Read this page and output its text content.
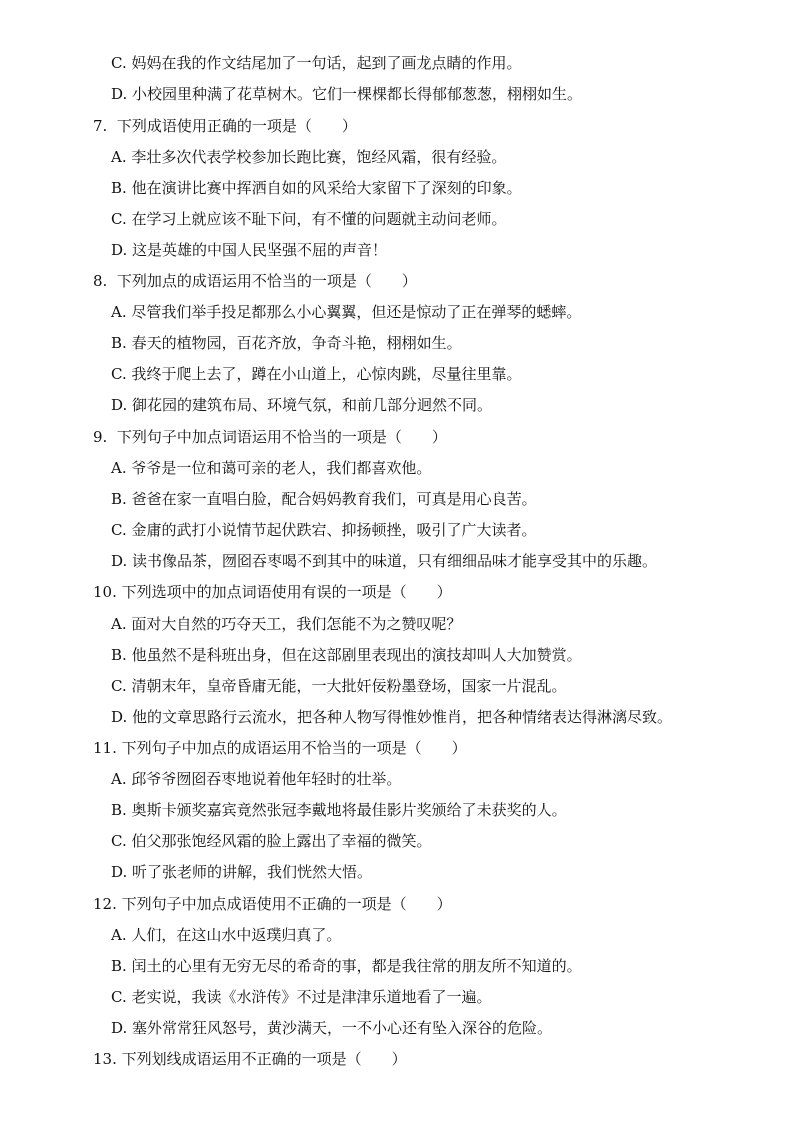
C. 妈妈在我的作文结尾加了一句话，起到了画龙点睛的作用。
D. 小校园里种满了花草树木。它们一棵棵都长得郁郁葱葱，栩栩如生。
7. 下列成语使用正确的一项是（　　）
A. 李壮多次代表学校参加长跑比赛，饱经风霜，很有经验。
B. 他在演讲比赛中挥洒自如的风采给大家留下了深刻的印象。
C. 在学习上就应该不耻下问，有不懂的问题就主动问老师。
D. 这是英雄的中国人民坚强不屈的声音！
8. 下列加点的成语运用不恰当的一项是（　　）
A. 尽管我们举手投足都那么小心翼翼，但还是惊动了正在弹琴的蟋蟀。
B. 春天的植物园，百花齐放，争奇斗艳，栩栩如生。
C. 我终于爬上去了，蹲在小山道上，心惊肉跳，尽量往里靠。
D. 御花园的建筑布局、环境气氛，和前几部分迥然不同。
9. 下列句子中加点词语运用不恰当的一项是（　　）
A. 爷爷是一位和蔼可亲的老人，我们都喜欢他。
B. 爸爸在家一直唱白脸，配合妈妈教育我们，可真是用心良苦。
C. 金庸的武打小说情节起伏跌宕、抑扬顿挫，吸引了广大读者。
D. 读书像品茶，囫囵吞枣喝不到其中的味道，只有细细品味才能享受其中的乐趣。
10. 下列选项中的加点词语使用有误的一项是（　　）
A. 面对大自然的巧夺天工，我们怎能不为之赞叹呢？
B. 他虽然不是科班出身，但在这部剧里表现出的演技却叫人大加赞赏。
C. 清朝末年，皇帝昏庸无能，一大批奸佞粉墨登场，国家一片混乱。
D. 他的文章思路行云流水，把各种人物写得惟妙惟肖，把各种情绪表达得淋漓尽致。
11. 下列句子中加点的成语运用不恰当的一项是（　　）
A. 邱爷爷囫囵吞枣地说着他年轻时的壮举。
B. 奥斯卡颁奖嘉宾竟然张冠李戴地将最佳影片奖颁给了未获奖的人。
C. 伯父那张饱经风霜的脸上露出了幸福的微笑。
D. 听了张老师的讲解，我们恍然大悟。
12. 下列句子中加点成语使用不正确的一项是（　　）
A. 人们，在这山水中返璞归真了。
B. 闰土的心里有无穷无尽的希奇的事，都是我往常的朋友所不知道的。
C. 老实说，我读《水浒传》不过是津津乐道地看了一遍。
D. 塞外常常狂风怒号，黄沙满天，一不小心还有坠入深谷的危险。
13. 下列划线成语运用不正确的一项是（　　）
